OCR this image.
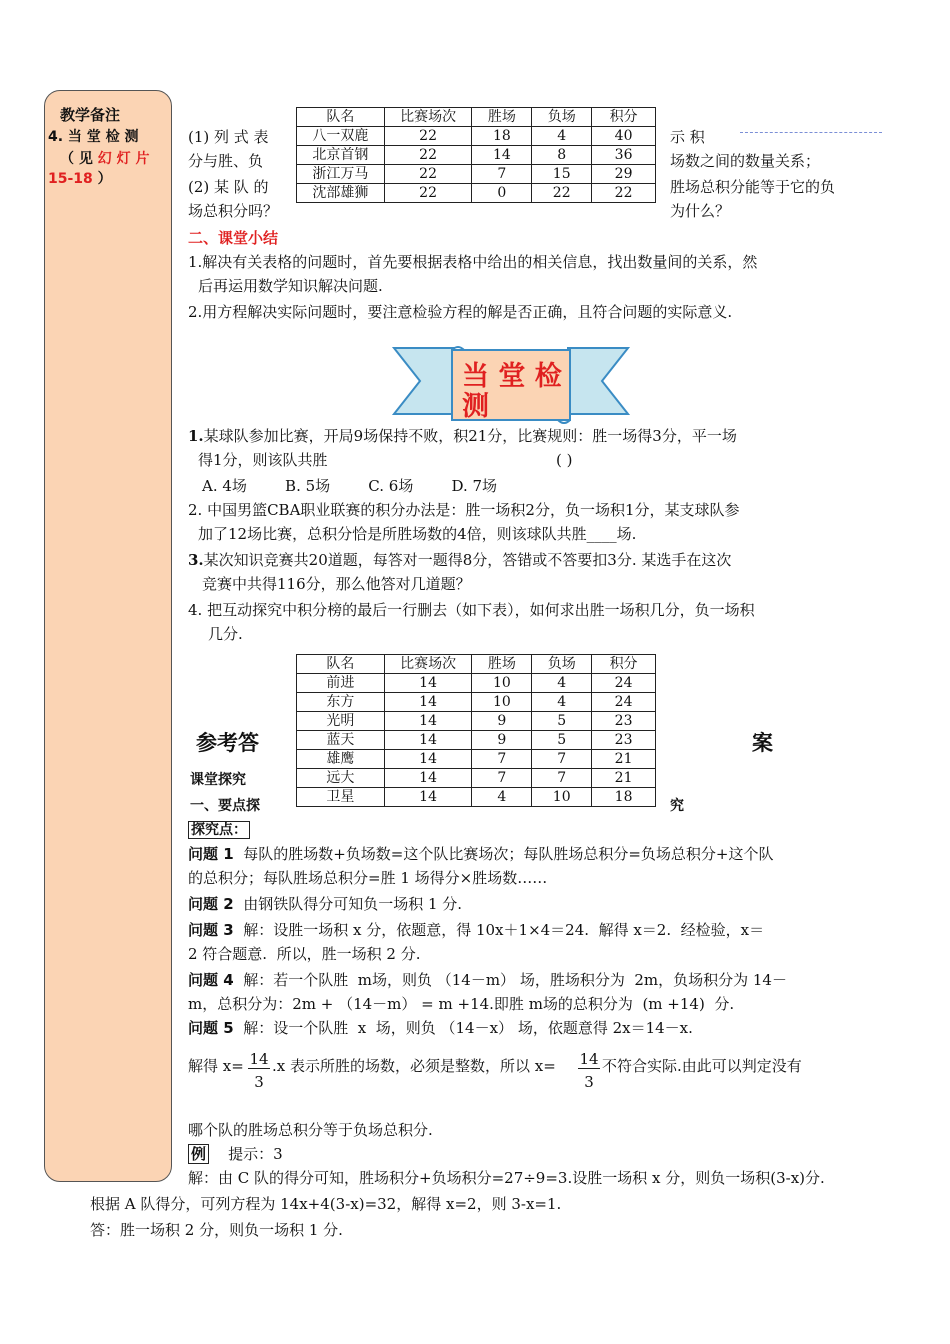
教学备注
4. 当 堂 检 测
（ 见 幻 灯 片
15-18 ）
队名	比赛场次	胜场	负场	积分
八一双鹿	22	18	4	40
北京首钢	22	14	8	36
浙江万马	22	7	15	29
沈部雄狮	22	0	22	22
(1) 列 式 表
分与胜、负
(2) 某 队 的
场总积分吗？
示 积
场数之间的数量关系；
胜场总积分能等于它的负
为什么？
二、课堂小结
1.解决有关表格的问题时，首先要根据表格中给出的相关信息，找出数量间的关系，然
后再运用数学知识解决问题.
2.用方程解决实际问题时，要注意检验方程的解是否正确，且符合问题的实际意义.
当 堂 检
测
1.某球队参加比赛，开局9场保持不败，积21分，比赛规则：胜一场得3分，平一场
得1分，则该队共胜	( )
A. 4场        B. 5场        C. 6场        D. 7场
2. 中国男篮CBA职业联赛的积分办法是：胜一场积2分，负一场积1分，某支球队参
加了12场比赛，总积分恰是所胜场数的4倍，则该球队共胜____场.
3.某次知识竞赛共20道题，每答对一题得8分，答错或不答要扣3分. 某选手在这次
竞赛中共得116分，那么他答对几道题？
4. 把互动探究中积分榜的最后一行删去（如下表），如何求出胜一场积几分，负一场积
几分.
队名	比赛场次	胜场	负场	积分
前进	14	10	4	24
东方	14	10	4	24
光明	14	9	5	23
蓝天	14	9	5	23
雄鹰	14	7	7	21
远大	14	7	7	21
卫星	14	4	10	18
参考答	案
课堂探究
一、要点探	究
探究点：
问题 1  每队的胜场数+负场数=这个队比赛场次；每队胜场总积分=负场总积分+这个队
的总积分；每队胜场总积分=胜 1 场得分×胜场数……
问题 2  由钢铁队得分可知负一场积 1 分.
问题 3  解：设胜一场积 x 分，依题意，得 10x＋1×4＝24.  解得 x＝2.  经检验，x＝
2 符合题意.  所以，胜一场积 2 分.
问题 4  解：若一个队胜  m场，则负 （14－m） 场，胜场积分为  2m，负场积分为 14－
m，总积分为：2m + （14－m） = m +14.即胜 m场的总积分为  (m +14)  分.
问题 5  解：设一个队胜  x  场，则负 （14－x） 场，依题意得 2x＝14－x.
解得 $x= \frac{14}{3} .x$ 表示所胜的场数，必须是整数，所以 $x= \frac{14}{3}$ 不符合实际.由此可以判定没有
哪个队的胜场总积分等于负场总积分.
例    提示：3
解：由 C 队的得分可知，胜场积分+负场积分=27÷9=3.设胜一场积 x 分，则负一场积(3-x)分.
根据 A 队得分，可列方程为 14x+4(3-x)=32，解得 x=2，则 3-x=1.
答：胜一场积 2 分，则负一场积 1 分.
